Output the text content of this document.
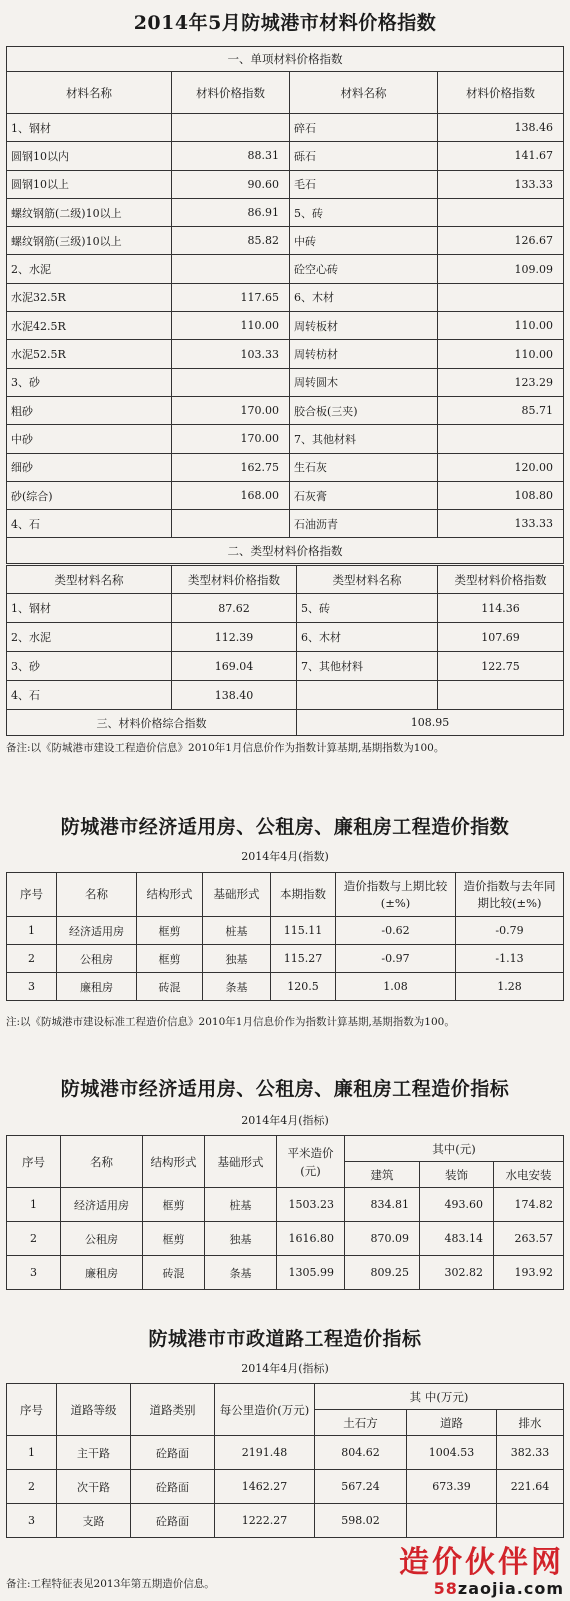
2014年5月防城港市材料价格指数
一、单项材料价格指数			
材料名称	材料价格指数	材料名称	材料价格指数
1、钢材		碎石	138.46
圆钢10以内	88.31	砾石	141.67
圆钢10以上	90.60	毛石	133.33
螺纹钢筋(二级)10以上	86.91	5、砖	
螺纹钢筋(三级)10以上	85.82	中砖	126.67
2、水泥		砼空心砖	109.09
水泥32.5R	117.65	6、木材	
水泥42.5R	110.00	周转板材	110.00
水泥52.5R	103.33	周转枋材	110.00
3、砂		周转圆木	123.29
粗砂	170.00	胶合板(三夹)	85.71
中砂	170.00	7、其他材料	
细砂	162.75	生石灰	120.00
砂(综合)	168.00	石灰膏	108.80
4、石		石油沥青	133.33
二、类型材料价格指数			
类型材料名称	类型材料价格指数	类型材料名称	类型材料价格指数
1、钢材	87.62	5、砖	114.36
2、水泥	112.39	6、木材	107.69
3、砂	169.04	7、其他材料	122.75
4、石	138.40		
三、材料价格综合指数		108.95	
备注:以《防城港市建设工程造价信息》2010年1月信息价作为指数计算基期,基期指数为100。
防城港市经济适用房、公租房、廉租房工程造价指数
2014年4月(指数)
序号	名称	结构形式	基础形式	本期指数	造价指数与上期比较(±%)	造价指数与去年同期比较(±%)
1	经济适用房	框剪	桩基	115.11	-0.62	-0.79
2	公租房	框剪	独基	115.27	-0.97	-1.13
3	廉租房	砖混	条基	120.5	1.08	1.28
注:以《防城港市建设标准工程造价信息》2010年1月信息价作为指数计算基期,基期指数为100。
防城港市经济适用房、公租房、廉租房工程造价指标
2014年4月(指标)
序号	名称	结构形式	基础形式	平米造价(元)	其中(元)		
					建筑	装饰	水电安装
1	经济适用房	框剪	桩基	1503.23	834.81	493.60	174.82
2	公租房	框剪	独基	1616.80	870.09	483.14	263.57
3	廉租房	砖混	条基	1305.99	809.25	302.82	193.92
防城港市市政道路工程造价指标
2014年4月(指标)
序号	道路等级	道路类别	每公里造价(万元)	其 中(万元)		
				土石方	道路	排水
1	主干路	砼路面	2191.48	804.62	1004.53	382.33
2	次干路	砼路面	1462.27	567.24	673.39	221.64
3	支路	砼路面	1222.27	598.02		
备注:工程特征表见2013年第五期造价信息。
造价伙伴网
58zaojia.com
